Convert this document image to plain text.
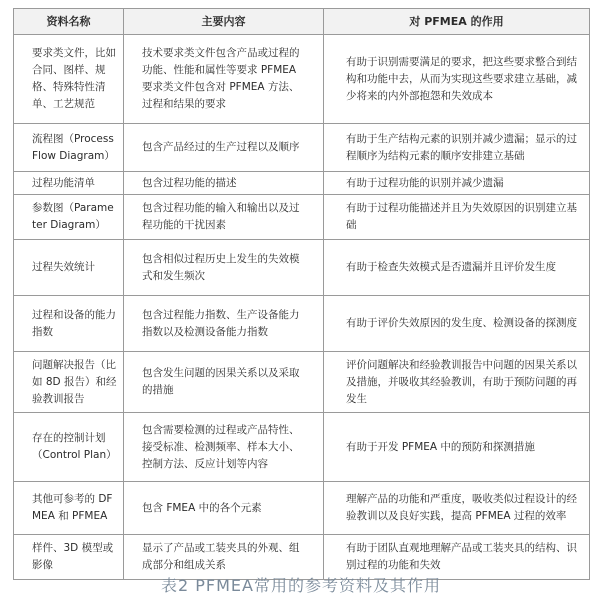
资料名称	主要内容	对 PFMEA 的作用
要求类文件，比如合同、图样、规格、特殊特性清单、工艺规范	技术要求类文件包含产品或过程的功能、性能和属性等要求 PFMEA 要求类文件包含对 PFMEA 方法、过程和结果的要求	有助于识别需要满足的要求，把这些要求整合到结构和功能中去，从而为实现这些要求建立基础，减少将来的内外部抱怨和失效成本
流程图（Process Flow Diagram）	包含产品经过的生产过程以及顺序	有助于生产结构元素的识别并减少遗漏；显示的过程顺序为结构元素的顺序安排建立基础
过程功能清单	包含过程功能的描述	有助于过程功能的识别并减少遗漏
参数图（Parameter Diagram）	包含过程功能的输入和输出以及过程功能的干扰因素	有助于过程功能描述并且为失效原因的识别建立基础
过程失效统计	包含相似过程历史上发生的失效模式和发生频次	有助于检查失效模式是否遗漏并且评价发生度
过程和设备的能力指数	包含过程能力指数、生产设备能力指数以及检测设备能力指数	有助于评价失效原因的发生度、检测设备的探测度
问题解决报告（比如 8D 报告）和经验教训报告	包含发生问题的因果关系以及采取的措施	评价问题解决和经验教训报告中问题的因果关系以及措施，并吸收其经验教训，有助于预防问题的再发生
存在的控制计划（Control Plan）	包含需要检测的过程或产品特性、接受标准、检测频率、样本大小、控制方法、反应计划等内容	有助于开发 PFMEA 中的预防和探测措施
其他可参考的 DFMEA 和 PFMEA	包含 FMEA 中的各个元素	理解产品的功能和严重度，吸收类似过程设计的经验教训以及良好实践，提高 PFMEA 过程的效率
样件、3D 模型或影像	显示了产品或工装夹具的外观、组成部分和组成关系	有助于团队直观地理解产品或工装夹具的结构、识别过程的功能和失效
表2 PFMEA常用的参考资料及其作用
